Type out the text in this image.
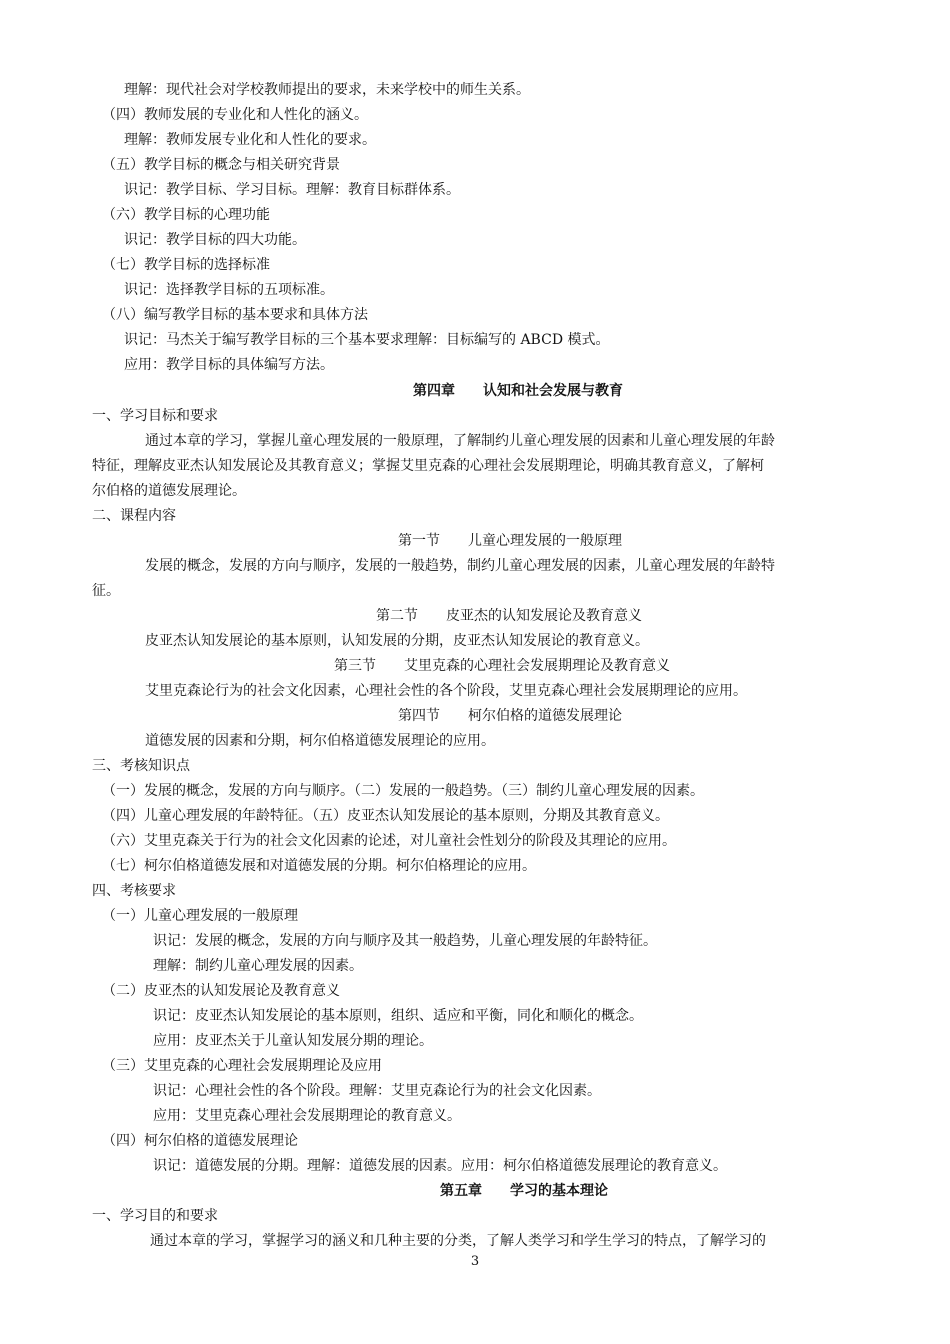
理解：现代社会对学校教师提出的要求，未来学校中的师生关系。
（四）教师发展的专业化和人性化的涵义。
理解：教师发展专业化和人性化的要求。
（五）教学目标的概念与相关研究背景
识记：教学目标、学习目标。理解：教育目标群体系。
（六）教学目标的心理功能
识记：教学目标的四大功能。
（七）教学目标的选择标准
识记：选择教学目标的五项标准。
（八）编写教学目标的基本要求和具体方法
识记：马杰关于编写教学目标的三个基本要求理解：目标编写的 ABCD 模式。
应用：教学目标的具体编写方法。
第四章　　认知和社会发展与教育
一、学习目标和要求
通过本章的学习，掌握儿童心理发展的一般原理，了解制约儿童心理发展的因素和儿童心理发展的年龄
特征，理解皮亚杰认知发展论及其教育意义；掌握艾里克森的心理社会发展期理论，明确其教育意义，了解柯
尔伯格的道德发展理论。
二、课程内容
第一节　　儿童心理发展的一般原理
发展的概念，发展的方向与顺序，发展的一般趋势，制约儿童心理发展的因素，儿童心理发展的年龄特
征。
第二节　　皮亚杰的认知发展论及教育意义
皮亚杰认知发展论的基本原则，认知发展的分期，皮亚杰认知发展论的教育意义。
第三节　　艾里克森的心理社会发展期理论及教育意义
艾里克森论行为的社会文化因素，心理社会性的各个阶段，艾里克森心理社会发展期理论的应用。
第四节　　柯尔伯格的道德发展理论
道德发展的因素和分期，柯尔伯格道德发展理论的应用。
三、考核知识点
（一）发展的概念，发展的方向与顺序。（二）发展的一般趋势。（三）制约儿童心理发展的因素。
（四）儿童心理发展的年龄特征。（五）皮亚杰认知发展论的基本原则，分期及其教育意义。
（六）艾里克森关于行为的社会文化因素的论述，对儿童社会性划分的阶段及其理论的应用。
（七）柯尔伯格道德发展和对道德发展的分期。柯尔伯格理论的应用。
四、考核要求
（一）儿童心理发展的一般原理
识记：发展的概念，发展的方向与顺序及其一般趋势，儿童心理发展的年龄特征。
理解：制约儿童心理发展的因素。
（二）皮亚杰的认知发展论及教育意义
识记：皮亚杰认知发展论的基本原则，组织、适应和平衡，同化和顺化的概念。
应用：皮亚杰关于儿童认知发展分期的理论。
（三）艾里克森的心理社会发展期理论及应用
识记：心理社会性的各个阶段。理解：艾里克森论行为的社会文化因素。
应用：艾里克森心理社会发展期理论的教育意义。
（四）柯尔伯格的道德发展理论
识记：道德发展的分期。理解：道德发展的因素。应用：柯尔伯格道德发展理论的教育意义。
第五章　　学习的基本理论
一、学习目的和要求
通过本章的学习，掌握学习的涵义和几种主要的分类，了解人类学习和学生学习的特点，了解学习的
3
